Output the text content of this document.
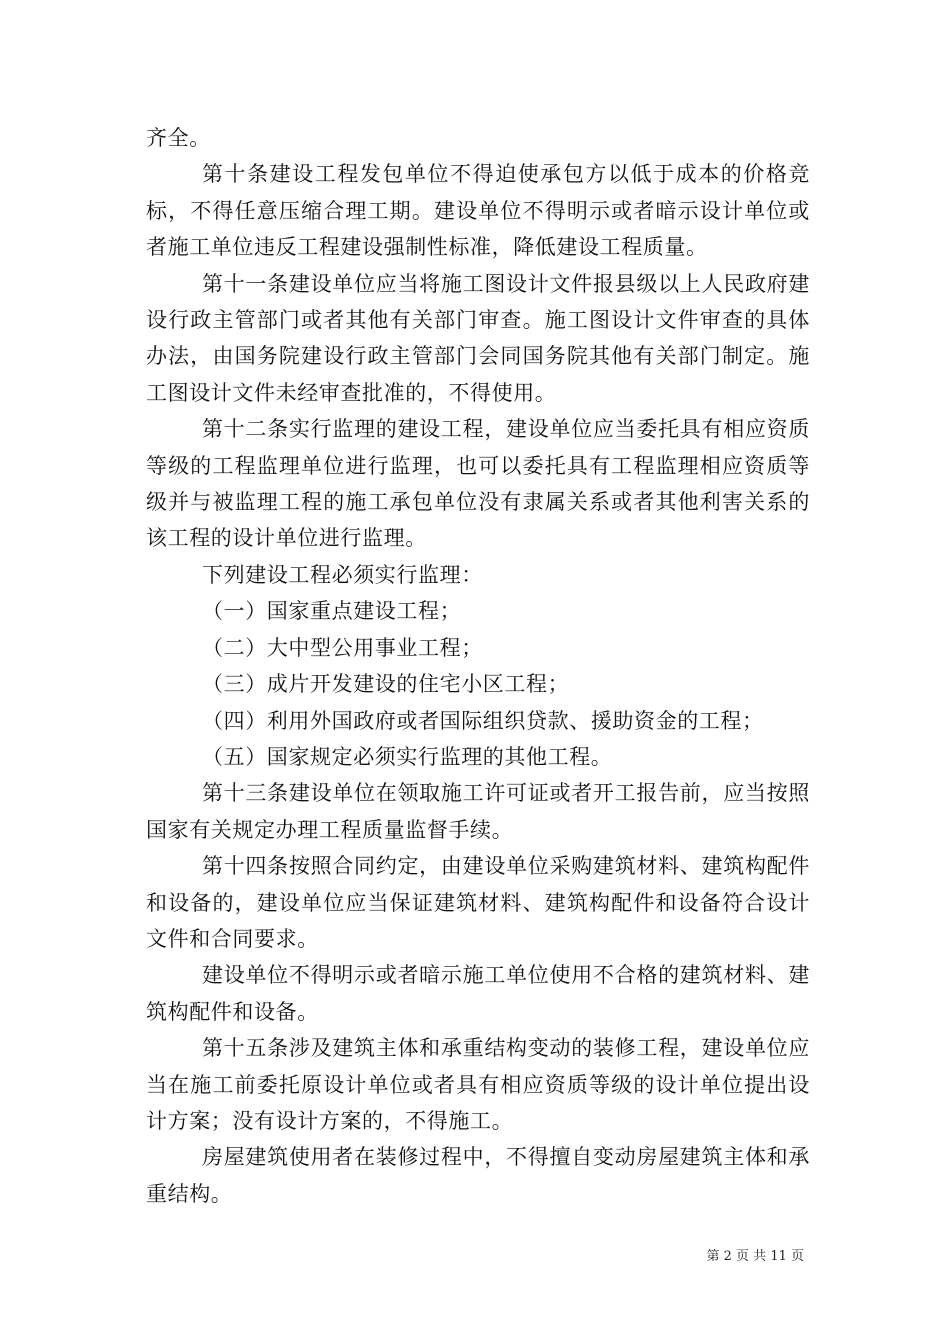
齐全。

第十条建设工程发包单位不得迫使承包方以低于成本的价格竞标，不得任意压缩合理工期。建设单位不得明示或者暗示设计单位或者施工单位违反工程建设强制性标准，降低建设工程质量。

第十一条建设单位应当将施工图设计文件报县级以上人民政府建设行政主管部门或者其他有关部门审查。施工图设计文件审查的具体办法，由国务院建设行政主管部门会同国务院其他有关部门制定。施工图设计文件未经审查批准的，不得使用。

第十二条实行监理的建设工程，建设单位应当委托具有相应资质等级的工程监理单位进行监理，也可以委托具有工程监理相应资质等级并与被监理工程的施工承包单位没有隶属关系或者其他利害关系的该工程的设计单位进行监理。

下列建设工程必须实行监理：

（一）国家重点建设工程；

（二）大中型公用事业工程；

（三）成片开发建设的住宅小区工程；

（四）利用外国政府或者国际组织贷款、援助资金的工程；

（五）国家规定必须实行监理的其他工程。

第十三条建设单位在领取施工许可证或者开工报告前，应当按照国家有关规定办理工程质量监督手续。

第十四条按照合同约定，由建设单位采购建筑材料、建筑构配件和设备的，建设单位应当保证建筑材料、建筑构配件和设备符合设计文件和合同要求。

建设单位不得明示或者暗示施工单位使用不合格的建筑材料、建筑构配件和设备。

第十五条涉及建筑主体和承重结构变动的装修工程，建设单位应当在施工前委托原设计单位或者具有相应资质等级的设计单位提出设计方案；没有设计方案的，不得施工。

房屋建筑使用者在装修过程中，不得擅自变动房屋建筑主体和承重结构。

第 2 页 共 11 页
